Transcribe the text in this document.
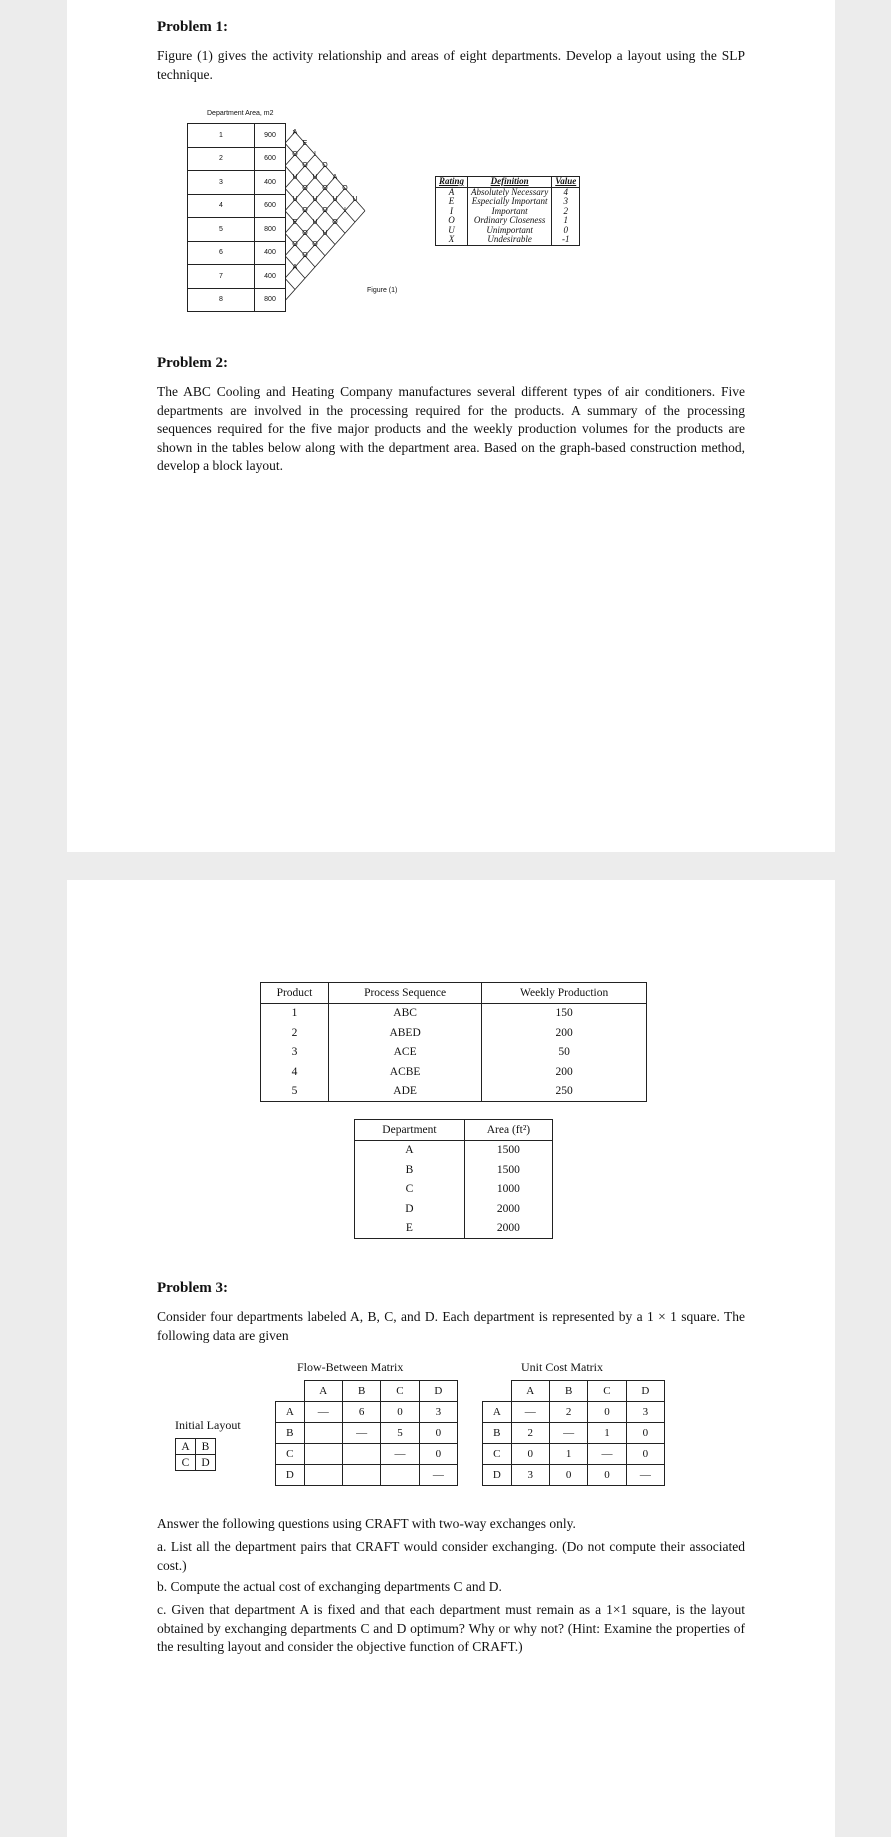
Problem 1:

Figure (1) gives the activity relationship and areas of eight departments. Develop a layout using the SLP technique.

Department Area, m2
1	900
2	600
3	400
4	600
5	800
6	400
7	400
8	800
A
E
I
O
A
O
U
O
O
U
O
U
I
U
O
U
O
O
U
O
U
U
E
O
O
O
O
A
Figure (1)
Rating	Definition	Value
A	Absolutely Necessary	4
E	Especially Important	3
I	Important	2
O	Ordinary Closeness	1
U	Unimportant	0
X	Undesirable	-1
Problem 2:

The ABC Cooling and Heating Company manufactures several different types of air conditioners. Five departments are involved in the processing required for the products. A summary of the processing sequences required for the five major products and the weekly production volumes for the products are shown in the tables below along with the department area. Based on the graph-based construction method, develop a block layout.

Product	Process Sequence	Weekly Production
1	ABC	150
2	ABED	200
3	ACE	50
4	ACBE	200
5	ADE	250
Department	Area (ft²)
A	1500
B	1500
C	1000
D	2000
E	2000
Problem 3:

Consider four departments labeled A, B, C, and D. Each department is represented by a 1 × 1 square. The following data are given

Initial Layout
A	B
C	D
Flow-Between Matrix
	A	B	C	D
A	—	6	0	3
B		—	5	0
C			—	0
D				—
Unit Cost Matrix
	A	B	C	D
A	—	2	0	3
B	2	—	1	0
C	0	1	—	0
D	3	0	0	—

Answer the following questions using CRAFT with two-way exchanges only.

a. List all the department pairs that CRAFT would consider exchanging. (Do not compute their associated cost.)

b. Compute the actual cost of exchanging departments C and D.

c. Given that department A is fixed and that each department must remain as a 1×1 square, is the layout obtained by exchanging departments C and D optimum? Why or why not? (Hint: Examine the properties of the resulting layout and consider the objective function of CRAFT.)
